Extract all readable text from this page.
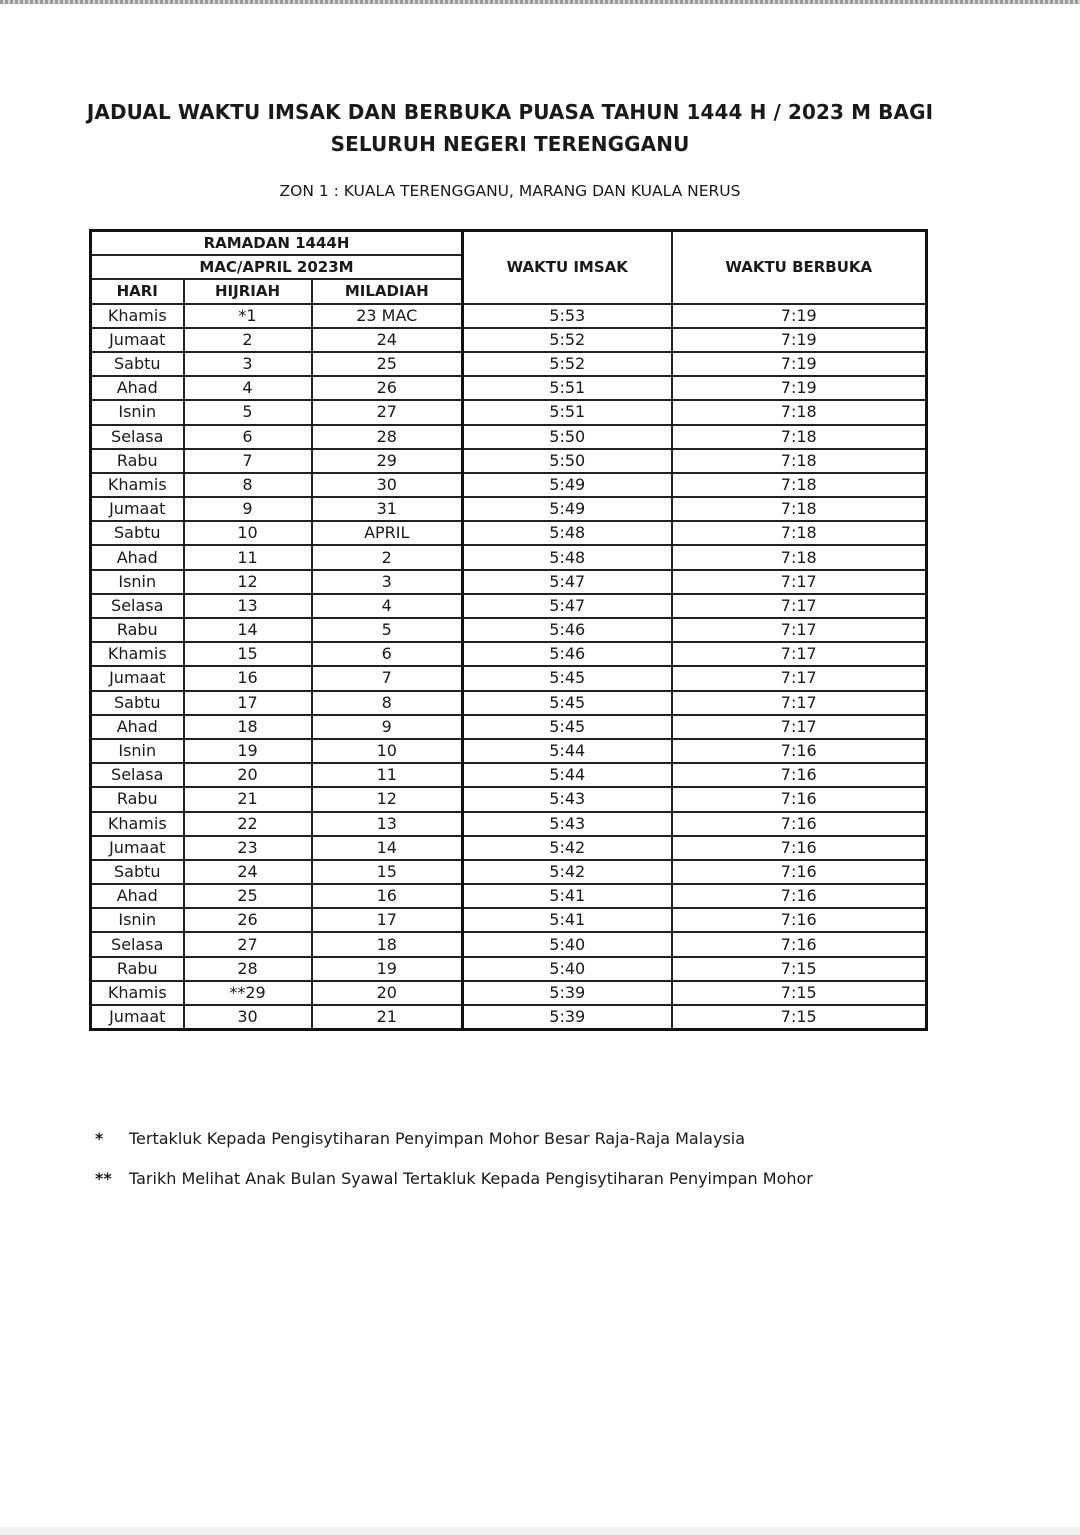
JADUAL WAKTU IMSAK DAN BERBUKA PUASA TAHUN 1444 H / 2023 M BAGI
SELURUH NEGERI TERENGGANU
ZON 1 : KUALA TERENGGANU, MARANG DAN KUALA NERUS
RAMADAN 1444H			WAKTU IMSAK	WAKTU BERBUKA
MAC/APRIL 2023M				
HARI	HIJRIAH	MILADIAH		
Khamis	*1	23 MAC	5:53	7:19
Jumaat	2	24	5:52	7:19
Sabtu	3	25	5:52	7:19
Ahad	4	26	5:51	7:19
Isnin	5	27	5:51	7:18
Selasa	6	28	5:50	7:18
Rabu	7	29	5:50	7:18
Khamis	8	30	5:49	7:18
Jumaat	9	31	5:49	7:18
Sabtu	10	APRIL	5:48	7:18
Ahad	11	2	5:48	7:18
Isnin	12	3	5:47	7:17
Selasa	13	4	5:47	7:17
Rabu	14	5	5:46	7:17
Khamis	15	6	5:46	7:17
Jumaat	16	7	5:45	7:17
Sabtu	17	8	5:45	7:17
Ahad	18	9	5:45	7:17
Isnin	19	10	5:44	7:16
Selasa	20	11	5:44	7:16
Rabu	21	12	5:43	7:16
Khamis	22	13	5:43	7:16
Jumaat	23	14	5:42	7:16
Sabtu	24	15	5:42	7:16
Ahad	25	16	5:41	7:16
Isnin	26	17	5:41	7:16
Selasa	27	18	5:40	7:16
Rabu	28	19	5:40	7:15
Khamis	**29	20	5:39	7:15
Jumaat	30	21	5:39	7:15
*	Tertakluk Kepada Pengisytiharan Penyimpan Mohor Besar Raja-Raja Malaysia
**	Tarikh Melihat Anak Bulan Syawal Tertakluk Kepada Pengisytiharan Penyimpan Mohor
